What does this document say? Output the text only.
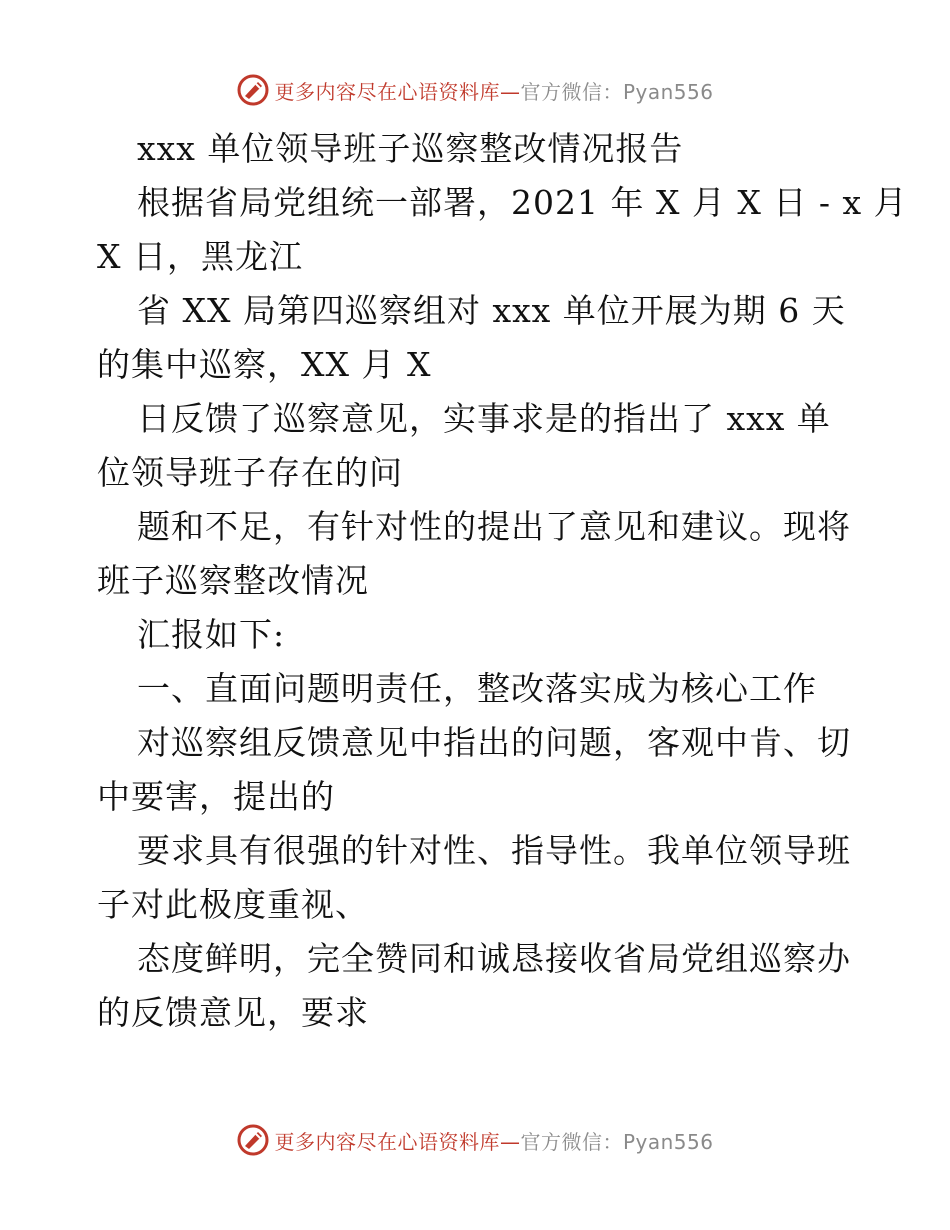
更多内容尽在心语资料库—官方微信：Pyan556
xxx 单位领导班子巡察整改情况报告
根据省局党组统一部署，2021 年 X 月 X 日 - x 月
X 日，黑龙江
省 XX 局第四巡察组对 xxx 单位开展为期 6 天
的集中巡察，XX 月 X
日反馈了巡察意见，实事求是的指出了 xxx 单
位领导班子存在的问
题和不足，有针对性的提出了意见和建议。现将
班子巡察整改情况
汇报如下:
一、直面问题明责任，整改落实成为核心工作
对巡察组反馈意见中指出的问题，客观中肯、切
中要害，提出的
要求具有很强的针对性、指导性。我单位领导班
子对此极度重视、
态度鲜明，完全赞同和诚恳接收省局党组巡察办
的反馈意见，要求
更多内容尽在心语资料库—官方微信：Pyan556
